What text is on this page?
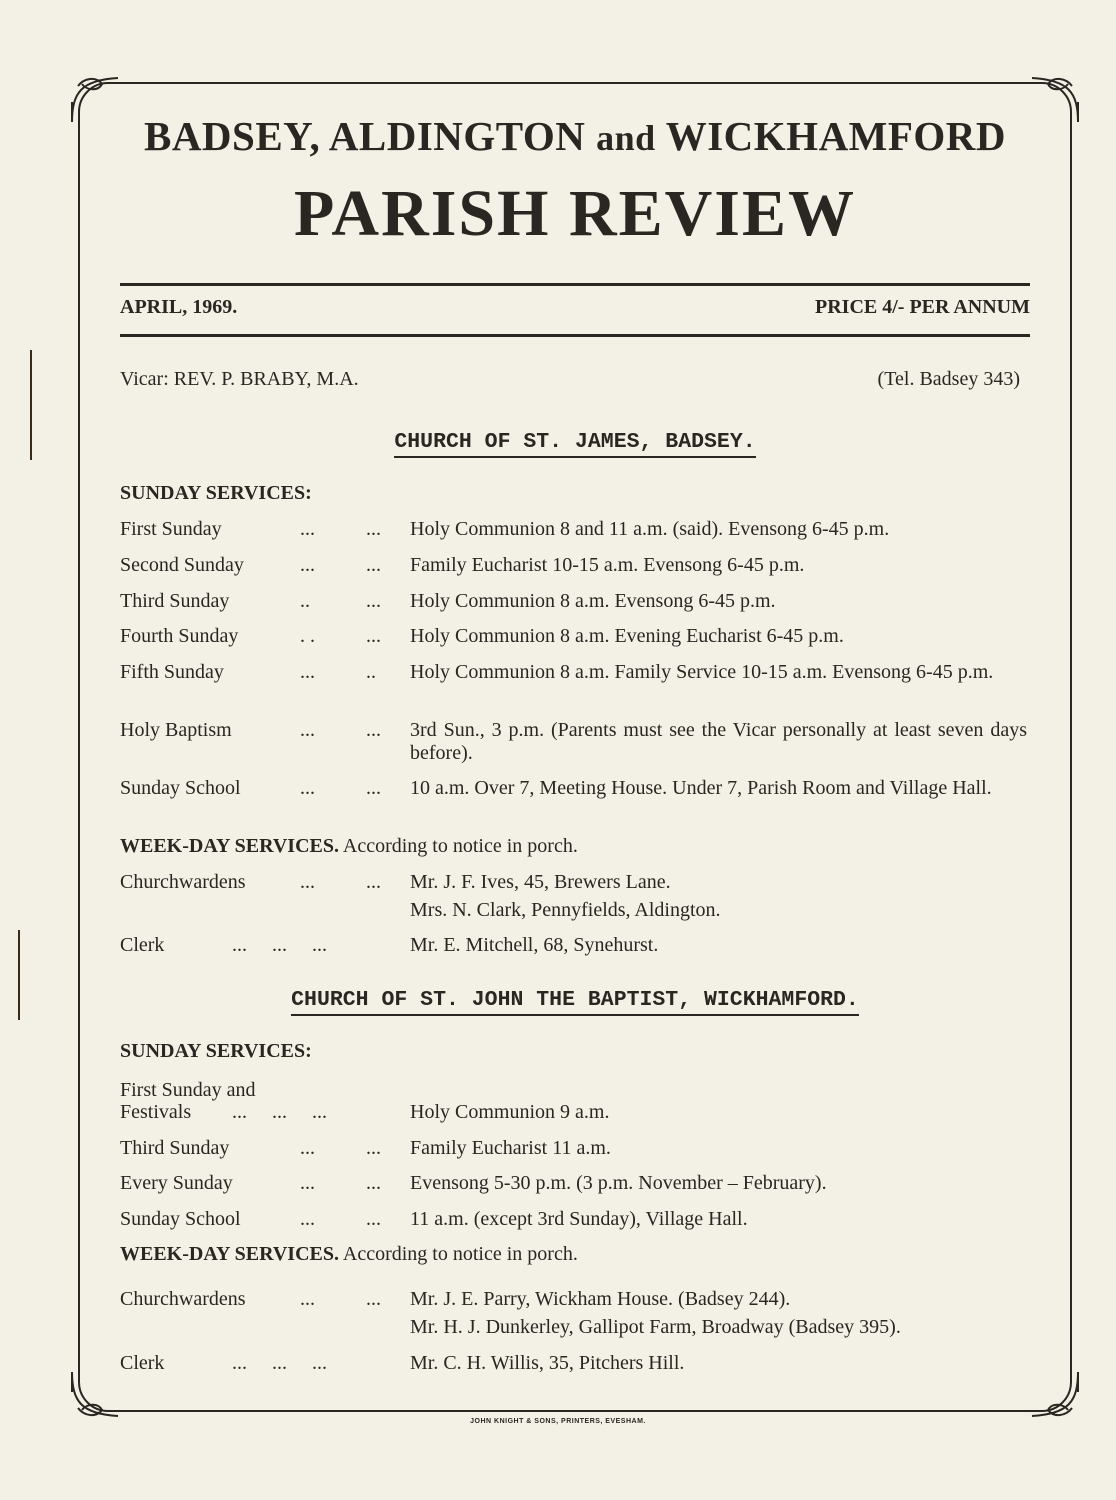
BADSEY, ALDINGTON and WICKHAMFORD
PARISH REVIEW
APRIL, 1969.	PRICE 4/- PER ANNUM
Vicar: REV. P. BRABY, M.A.	(Tel. Badsey 343)
CHURCH OF ST. JAMES, BADSEY.
SUNDAY SERVICES:
First Sunday	...	... Holy Communion 8 and 11 a.m. (said). Evensong 6-45 p.m.
Second Sunday	...	... Family Eucharist 10-15 a.m. Evensong 6-45 p.m.
Third Sunday	..	... Holy Communion 8 a.m. Evensong 6-45 p.m.
Fourth Sunday	. .	... Holy Communion 8 a.m. Evening Eucharist 6-45 p.m.
Fifth Sunday	...	.. Holy Communion 8 a.m. Family Service 10-15 a.m. Evensong 6-45 p.m.
Holy Baptism	...	... 3rd Sun., 3 p.m. (Parents must see the Vicar personally at least seven days before).
Sunday School	...	... 10 a.m. Over 7, Meeting House. Under 7, Parish Room and Village Hall.
WEEK-DAY SERVICES. According to notice in porch.
Churchwardens	...	... Mr. J. F. Ives, 45, Brewers Lane.
Mrs. N. Clark, Pennyfields, Aldington.
Clerk	...     ...     ...	Mr. E. Mitchell, 68, Synehurst.
CHURCH OF ST. JOHN THE BAPTIST, WICKHAMFORD.
SUNDAY SERVICES:
First Sunday and
Festivals ...     ...     ...	Holy Communion 9 a.m.
Third Sunday	...	... Family Eucharist 11 a.m.
Every Sunday	...	... Evensong 5-30 p.m. (3 p.m. November – February).
Sunday School	...	... 11 a.m. (except 3rd Sunday), Village Hall.
WEEK-DAY SERVICES. According to notice in porch.
Churchwardens	...	... Mr. J. E. Parry, Wickham House. (Badsey 244).
Mr. H. J. Dunkerley, Gallipot Farm, Broadway (Badsey 395).
Clerk	...     ...     ...	Mr. C. H. Willis, 35, Pitchers Hill.
JOHN KNIGHT & SONS, PRINTERS, EVESHAM.
